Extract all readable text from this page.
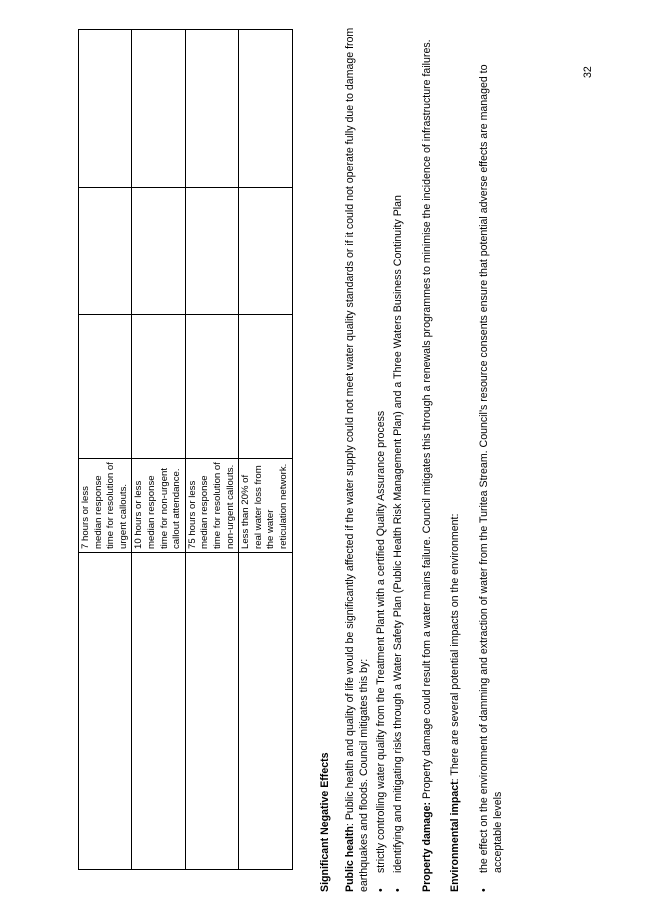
	7 hours or less median response time for resolution of urgent callouts.			
	10 hours or less median response time for non-urgent callout attendance.			
	75 hours or less median response time for resolution of non-urgent callouts.			
	Less than 20% of real water loss from the water reticulation network.			

Significant Negative Effects Public health: Public health and quality of life would be significantly affected if the water supply could not meet water quality standards or if it could not operate fully due to damage from earthquakes and floods. Council mitigates this by: •
strictly controlling water quality from the Treatment Plant with a certified Quality Assurance process
•
identifying and mitigating risks through a Water Safety Plan (Public Health Risk Management Plan) and a Three Waters Business Continuity Plan Property damage: Property damage could result fom a water mains failure. Council mitigates this through a renewals programmes to minimise the incidence of infrastructure failures.

Environmental impact: There are several potential impacts on the environment:

•
the effect on the environment of damming and extraction of water from the Turitea Stream. Council’s resource consents ensure that potential adverse effects are managed to acceptable levels
32
